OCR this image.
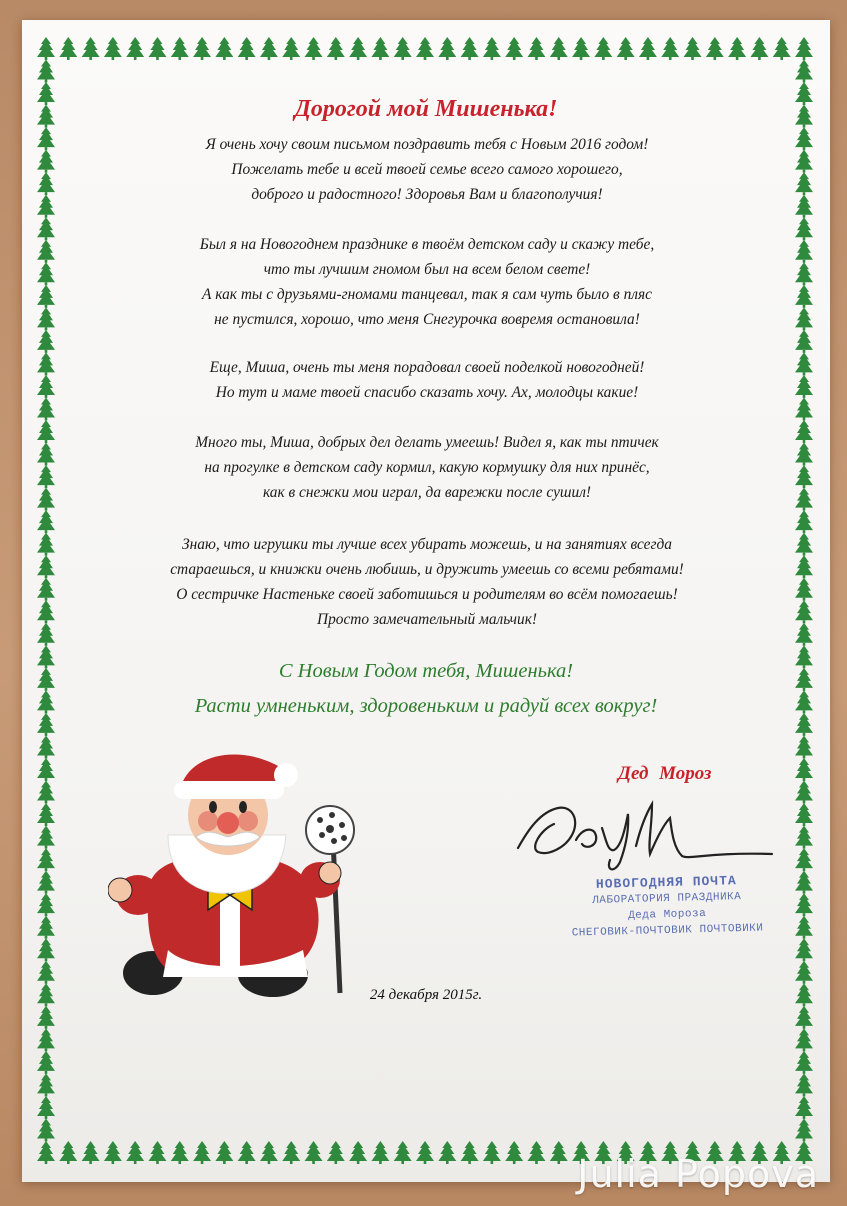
Дорогой мой Мишенька!
Я очень хочу своим письмом поздравить тебя с Новым 2016 годом!
Пожелать тебе и всей твоей семье всего самого хорошего,
доброго и радостного! Здоровья Вам и благополучия!
Был я на Новогоднем празднике в твоём детском саду и скажу тебе,
что ты лучшим гномом был на всем белом свете!
А как ты с друзьями-гномами танцевал, так я сам чуть было в пляс
не пустился, хорошо, что меня Снегурочка вовремя остановила!
Еще, Миша, очень ты меня порадовал своей поделкой новогодней!
Но тут и маме твоей спасибо сказать хочу. Ах, молодцы какие!
Много ты, Миша, добрых дел делать умеешь! Видел я, как ты птичек
на прогулке в детском саду кормил, какую кормушку для них принёс,
как в снежки мои играл, да варежки после сушил!
Знаю, что игрушки ты лучше всех убирать можешь, и на занятиях всегда
стараешься, и книжки очень любишь, и дружить умеешь со всеми ребятами!
О сестричке Настеньке своей заботишься и родителям во всём помогаешь!
Просто замечательный мальчик!
С Новым Годом тебя, Мишенька!
Расти умненьким, здоровеньким и радуй всех вокруг!
Дед Мороз
НОВОГОДНЯЯ ПОЧТА
ЛАБОРАТОРИЯ ПРАЗДНИКА
Деда Мороза
СНЕГОВИК-ПОЧТОВИК ПОЧТОВИКИ
24 декабря 2015г.
Julia Popova
